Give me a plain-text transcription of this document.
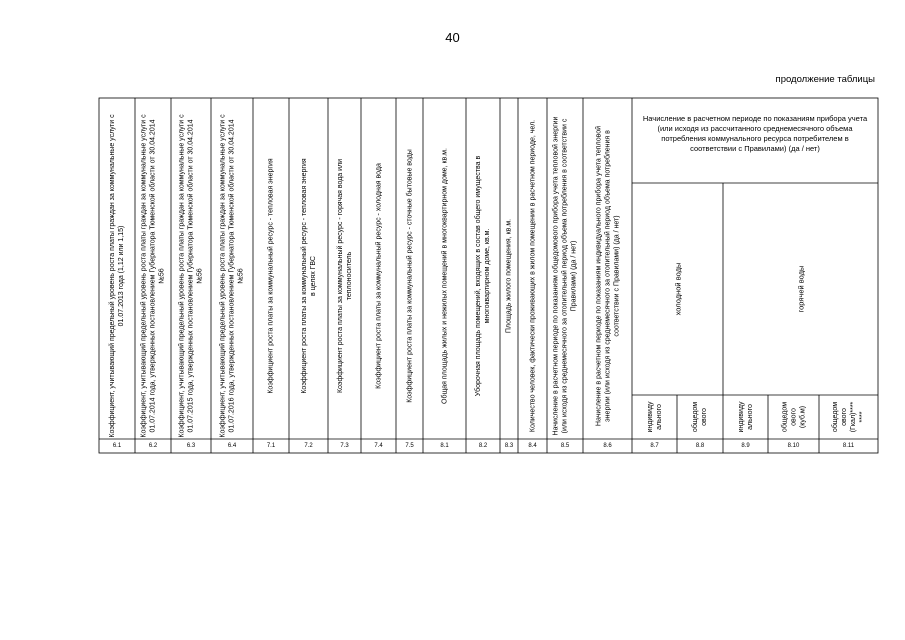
40
продолжение таблицы
Коэффициент, учитывающий предельный уровень роста платы граждан за коммунальные услуги с 01.07.2013 года (1,12 или 1,15)
6.1
Коэффициент, учитывающий предельный уровень роста платы граждан за коммунальные услуги с 01.07.2014 года, утвержденных постановлением Губернатора Тюменской области от 30.04.2014 №56
6.2
Коэффициент, учитывающий предельный уровень роста платы граждан за коммунальные услуги с 01.07.2015 года, утвержденных постановлением Губернатора Тюменской области от 30.04.2014 №56
6.3
Коэффициент, учитывающий предельный уровень роста платы граждан за коммунальные услуги с 01.07.2016 года, утвержденных постановлением Губернатора Тюменской области от 30.04.2014 №56
6.4
Коэффициент роста платы за коммунальный ресурс - тепловая энергия
7.1
Коэффициент роста платы за коммунальный ресурс - тепловая энергия в целях ГВС
7.2
Коэффициент роста платы за коммунальный ресурс - горячая вода или теплоноситель
7.3
Коэффициент роста платы за коммунальный ресурс - холодная вода
7.4
Коэффициент роста платы за коммунальный ресурс - сточные бытовые воды
7.5
Общая площадь жилых и нежилых помещений в многоквартирном доме, кв.м.
8.1
Уборочная площадь помещений, входящих в состав общего имущества в многоквартирном доме, кв.м.
8.2
Площадь жилого помещения, кв.м.
8.3
Количество человек, фактически проживающих в жилом помещении в расчетном периоде, чел.
8.4
Начисление в расчетном периоде по показаниям общедомового прибора учета тепловой энергии (или исходя из среднемесячного за отопительный период объема потребления в соответствии с Правилами) (да / нет)
8.5
Начисление в расчетном периоде по показаниям индивидуального прибора учета тепловой энергии (или исходя из среднемесячного за отопительный период объема потребления в соответствии с Правилами) (да / нет)
8.6
Начисление в расчетном периоде по показаниям прибора учета (или исходя из рассчитанного среднемесячного объема потребления коммунального ресурса потребителем в соответствии с Правилами) (да / нет)
холодной воды	горячей воды
индивиду ального
8.7
общедом ового
8.8
индивиду ального
8.9
общедом ового (куб.м)
8.10
общедом ового (Гкал)**** ****
8.11
